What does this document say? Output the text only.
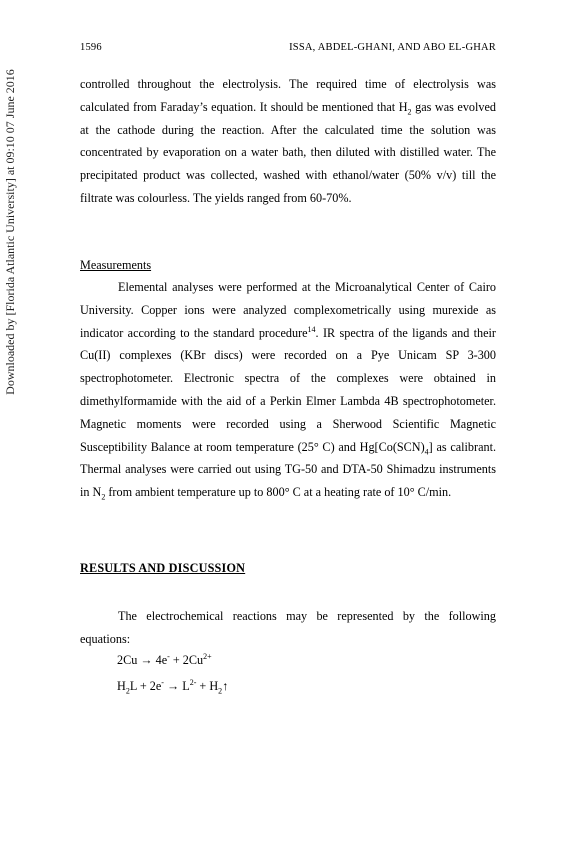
1596	ISSA, ABDEL-GHANI, AND ABO EL-GHAR
Downloaded by [Florida Atlantic University] at 09:10 07 June 2016	controlled throughout the electrolysis. The required time of electrolysis was calculated from Faraday’s equation. It should be mentioned that $H_2$ gas was evolved at the cathode during the reaction. After the calculated time the solution was concentrated by evaporation on a water bath, then diluted with distilled water. The precipitated product was collected, washed with ethanol/water (50% v/v) till the filtrate was colourless. The yields ranged from 60-70%.
Measurements
Elemental analyses were performed at the Microanalytical Center of Cairo University. Copper ions were analyzed complexometrically using murexide as indicator according to the standard procedure$^{14}$. IR spectra of the ligands and their Cu(II) complexes (KBr discs) were recorded on a Pye Unicam SP 3-300 spectrophotometer. Electronic spectra of the complexes were obtained in dimethylformamide with the aid of a Perkin Elmer Lambda 4B spectrophotometer. Magnetic moments were recorded using a Sherwood Scientific Magnetic Susceptibility Balance at room temperature (25° C) and $Hg[Co(SCN)_4]$ as calibrant. Thermal analyses were carried out using TG-50 and DTA-50 Shimadzu instruments in $N_2$ from ambient temperature up to 800° C at a heating rate of 10° C/min.
RESULTS AND DISCUSSION
The electrochemical reactions may be represented by the following equations:
$2Cu \to 4e^- + 2Cu^{2+}$
$H_2L + 2e^- \to L^{2-}$ + $H_2↑$
